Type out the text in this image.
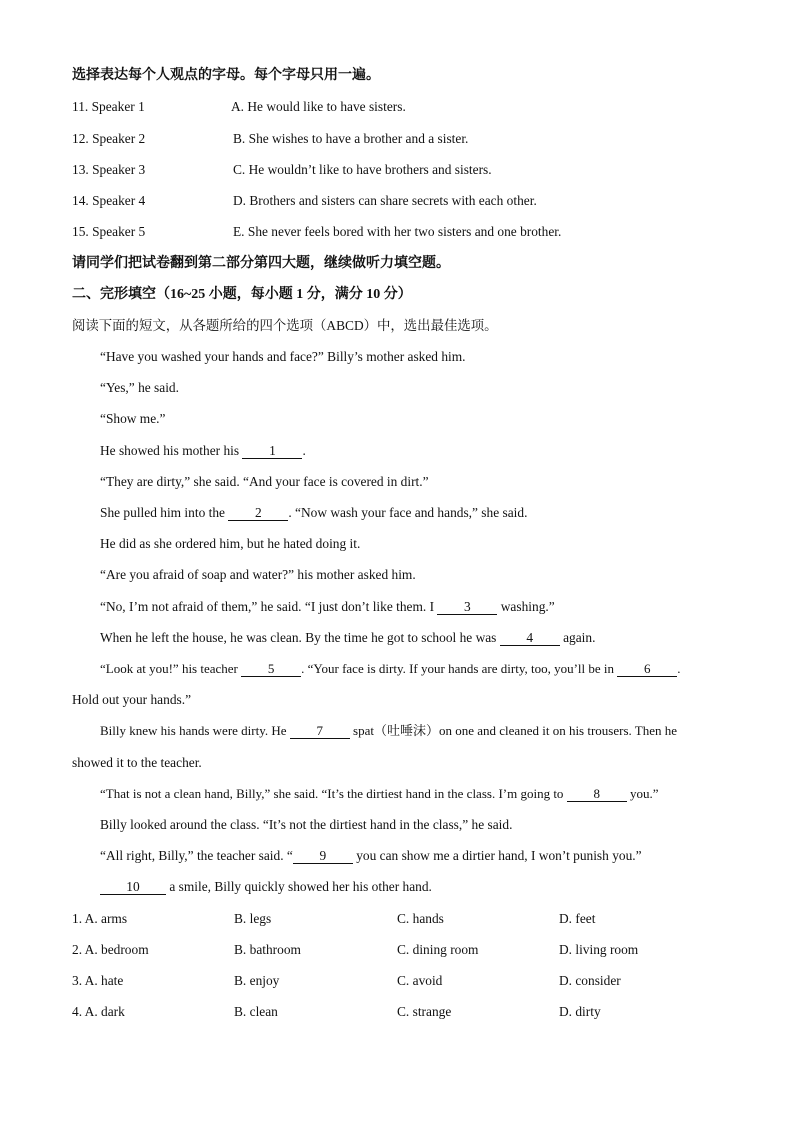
选择表达每个人观点的字母。每个字母只用一遍。
11. Speaker 1	A. He would like to have sisters.
12. Speaker 2	B. She wishes to have a brother and a sister.
13. Speaker 3	C. He wouldn’t like to have brothers and sisters.
14. Speaker 4	D. Brothers and sisters can share secrets with each other.
15. Speaker 5	E. She never feels bored with her two sisters and one brother.
请同学们把试卷翻到第二部分第四大题，继续做听力填空题。
二、完形填空（16~25 小题，每小题 1 分，满分 10 分）
阅读下面的短文，从各题所给的四个选项（ABCD）中，选出最佳选项。
“Have you washed your hands and face?” Billy’s mother asked him.
“Yes,” he said.
“Show me.”
He showed his mother his 1 .
“They are dirty,” she said. “And your face is covered in dirt.”
She pulled him into the 2 . “Now wash your face and hands,” she said.
He did as she ordered him, but he hated doing it.
“Are you afraid of soap and water?” his mother asked him.
“No, I’m not afraid of them,” he said. “I just don’t like them. I 3 washing.”
When he left the house, he was clean. By the time he got to school he was 4 again.
“Look at you!” his teacher 5 . “Your face is dirty. If your hands are dirty, too, you’ll be in 6 .
Hold out your hands.”
Billy knew his hands were dirty. He 7 spat（吐唾沫）on one and cleaned it on his trousers. Then he
showed it to the teacher.
“That is not a clean hand, Billy,” she said. “It’s the dirtiest hand in the class. I’m going to 8 you.”
Billy looked around the class. “It’s not the dirtiest hand in the class,” he said.
“All right, Billy,” the teacher said. “ 9 you can show me a dirtier hand, I won’t punish you.”
10 a smile, Billy quickly showed her his other hand.
1. A. arms	B. legs	C. hands	D. feet
2. A. bedroom	B. bathroom	C. dining room	D. living room
3. A. hate	B. enjoy	C. avoid	D. consider
4. A. dark	B. clean	C. strange	D. dirty
